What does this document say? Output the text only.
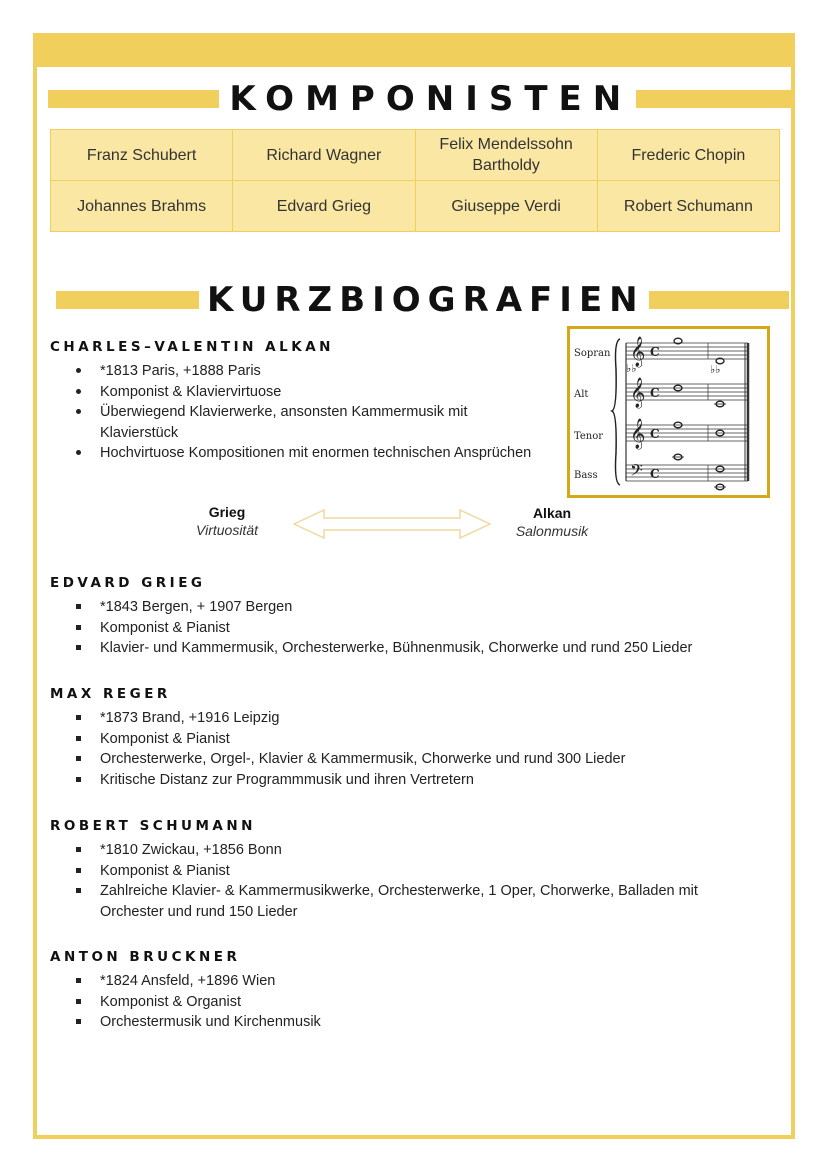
KOMPONISTEN
Franz Schubert	Richard Wagner	Felix Mendelssohn Bartholdy	Frederic Chopin
Johannes Brahms	Edvard Grieg	Giuseppe Verdi	Robert Schumann
KURZBIOGRAFIEN
CHARLES–VALENTIN ALKAN
*1813 Paris, +1888 Paris
Komponist & Klaviervirtuose
Überwiegend Klavierwerke, ansonsten Kammermusik mit Klavierstück
Hochvirtuose Kompositionen mit enormen technischen Ansprüchen
Sopran
Alt
Tenor
Bass
𝄞
𝄞
𝄞
𝄢
C
C
C
C
♭♭	♭♭
Grieg
Virtuosität
Alkan
Salonmusik
EDVARD GRIEG
*1843 Bergen, + 1907 Bergen
Komponist & Pianist
Klavier- und Kammermusik, Orchesterwerke, Bühnenmusik, Chorwerke und rund 250 Lieder
MAX REGER
*1873 Brand, +1916 Leipzig
Komponist & Pianist
Orchesterwerke, Orgel-, Klavier & Kammermusik, Chorwerke und rund 300 Lieder
Kritische Distanz zur Programmmusik und ihren Vertretern
ROBERT SCHUMANN
*1810 Zwickau, +1856 Bonn
Komponist & Pianist
Zahlreiche Klavier- & Kammermusikwerke, Orchesterwerke, 1 Oper, Chorwerke, Balladen mit Orchester und rund 150 Lieder
ANTON BRUCKNER
*1824 Ansfeld, +1896 Wien
Komponist & Organist
Orchestermusik und Kirchenmusik
